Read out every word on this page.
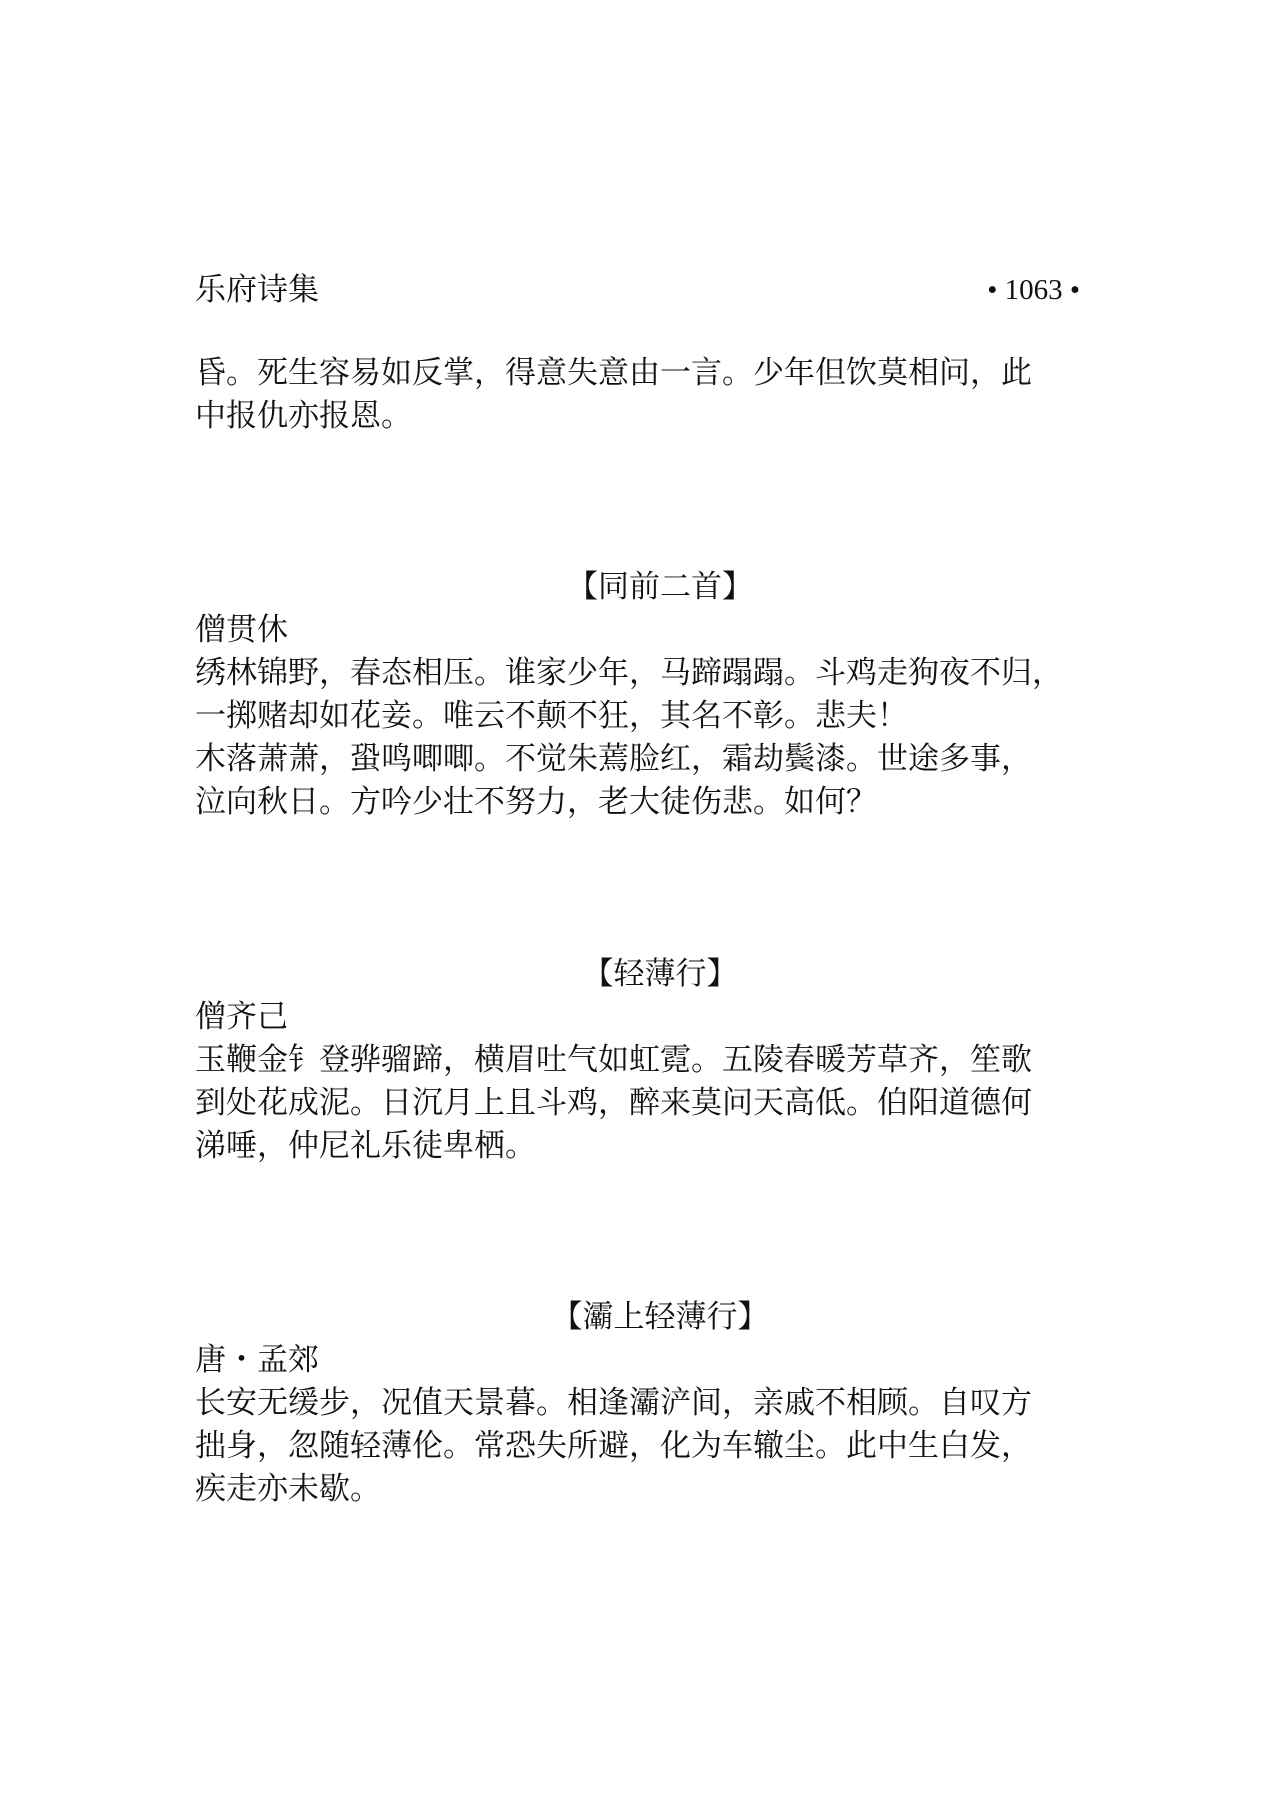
乐府诗集	• 1063 •
昏。死生容易如反掌，得意失意由一言。少年但饮莫相问，此
中报仇亦报恩。
【同前二首】
僧贯休
绣林锦野，春态相压。谁家少年，马蹄蹋蹋。斗鸡走狗夜不归，
一掷赌却如花妾。唯云不颠不狂，其名不彰。悲夫！
木落萧萧，蛩鸣唧唧。不觉朱蔫脸红，霜劫鬓漆。世途多事，
泣向秋日。方吟少壮不努力，老大徒伤悲。如何？
【轻薄行】
僧齐己
玉鞭金钅登骅骝蹄，横眉吐气如虹霓。五陵春暖芳草齐，笙歌
到处花成泥。日沉月上且斗鸡，醉来莫问天高低。伯阳道德何
涕唾，仲尼礼乐徒卑栖。
【灞上轻薄行】
唐・孟郊
长安无缓步，况值天景暮。相逢灞浐间，亲戚不相顾。自叹方
拙身，忽随轻薄伦。常恐失所避，化为车辙尘。此中生白发，
疾走亦未歇。
